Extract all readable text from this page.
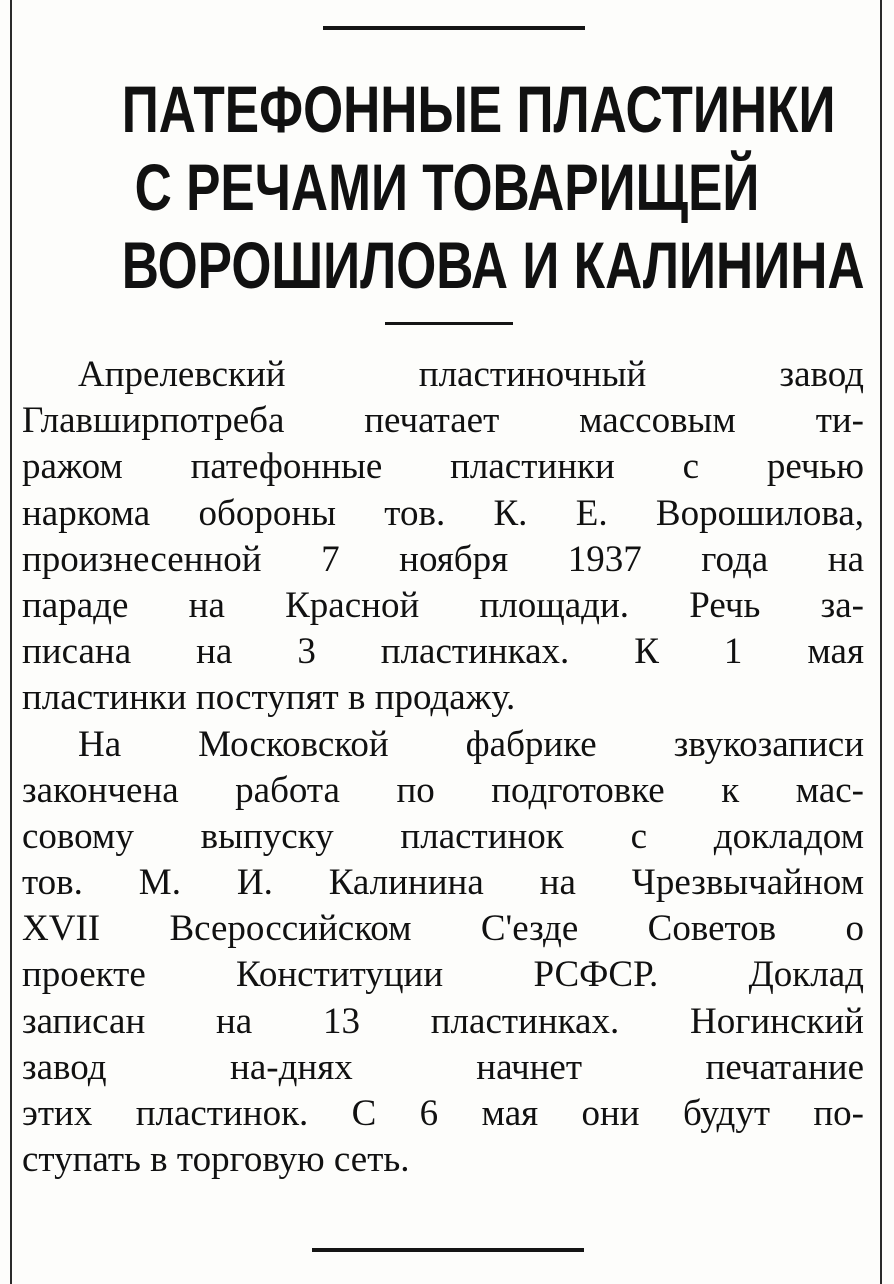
ПАТЕФОННЫЕ ПЛАСТИНКИ
С РЕЧАМИ ТОВАРИЩЕЙ
ВОРОШИЛОВА И КАЛИНИНА
Апрелевский пластиночный завод
Главширпотреба печатает массовым ти-
ражом патефонные пластинки с речью
наркома обороны тов. К. Е. Ворошилова,
произнесенной 7 ноября 1937 года на
параде на Красной площади. Речь за-
писана на 3 пластинках. К 1 мая
пластинки поступят в продажу.
На Московской фабрике звукозаписи
закончена работа по подготовке к мас-
совому выпуску пластинок с докладом
тов. М. И. Калинина на Чрезвычайном
XVII Всероссийском С'езде Советов о
проекте Конституции РСФСР. Доклад
записан на 13 пластинках. Ногинский
завод на-днях начнет печатание
этих пластинок. С 6 мая они будут по-
ступать в торговую сеть.
